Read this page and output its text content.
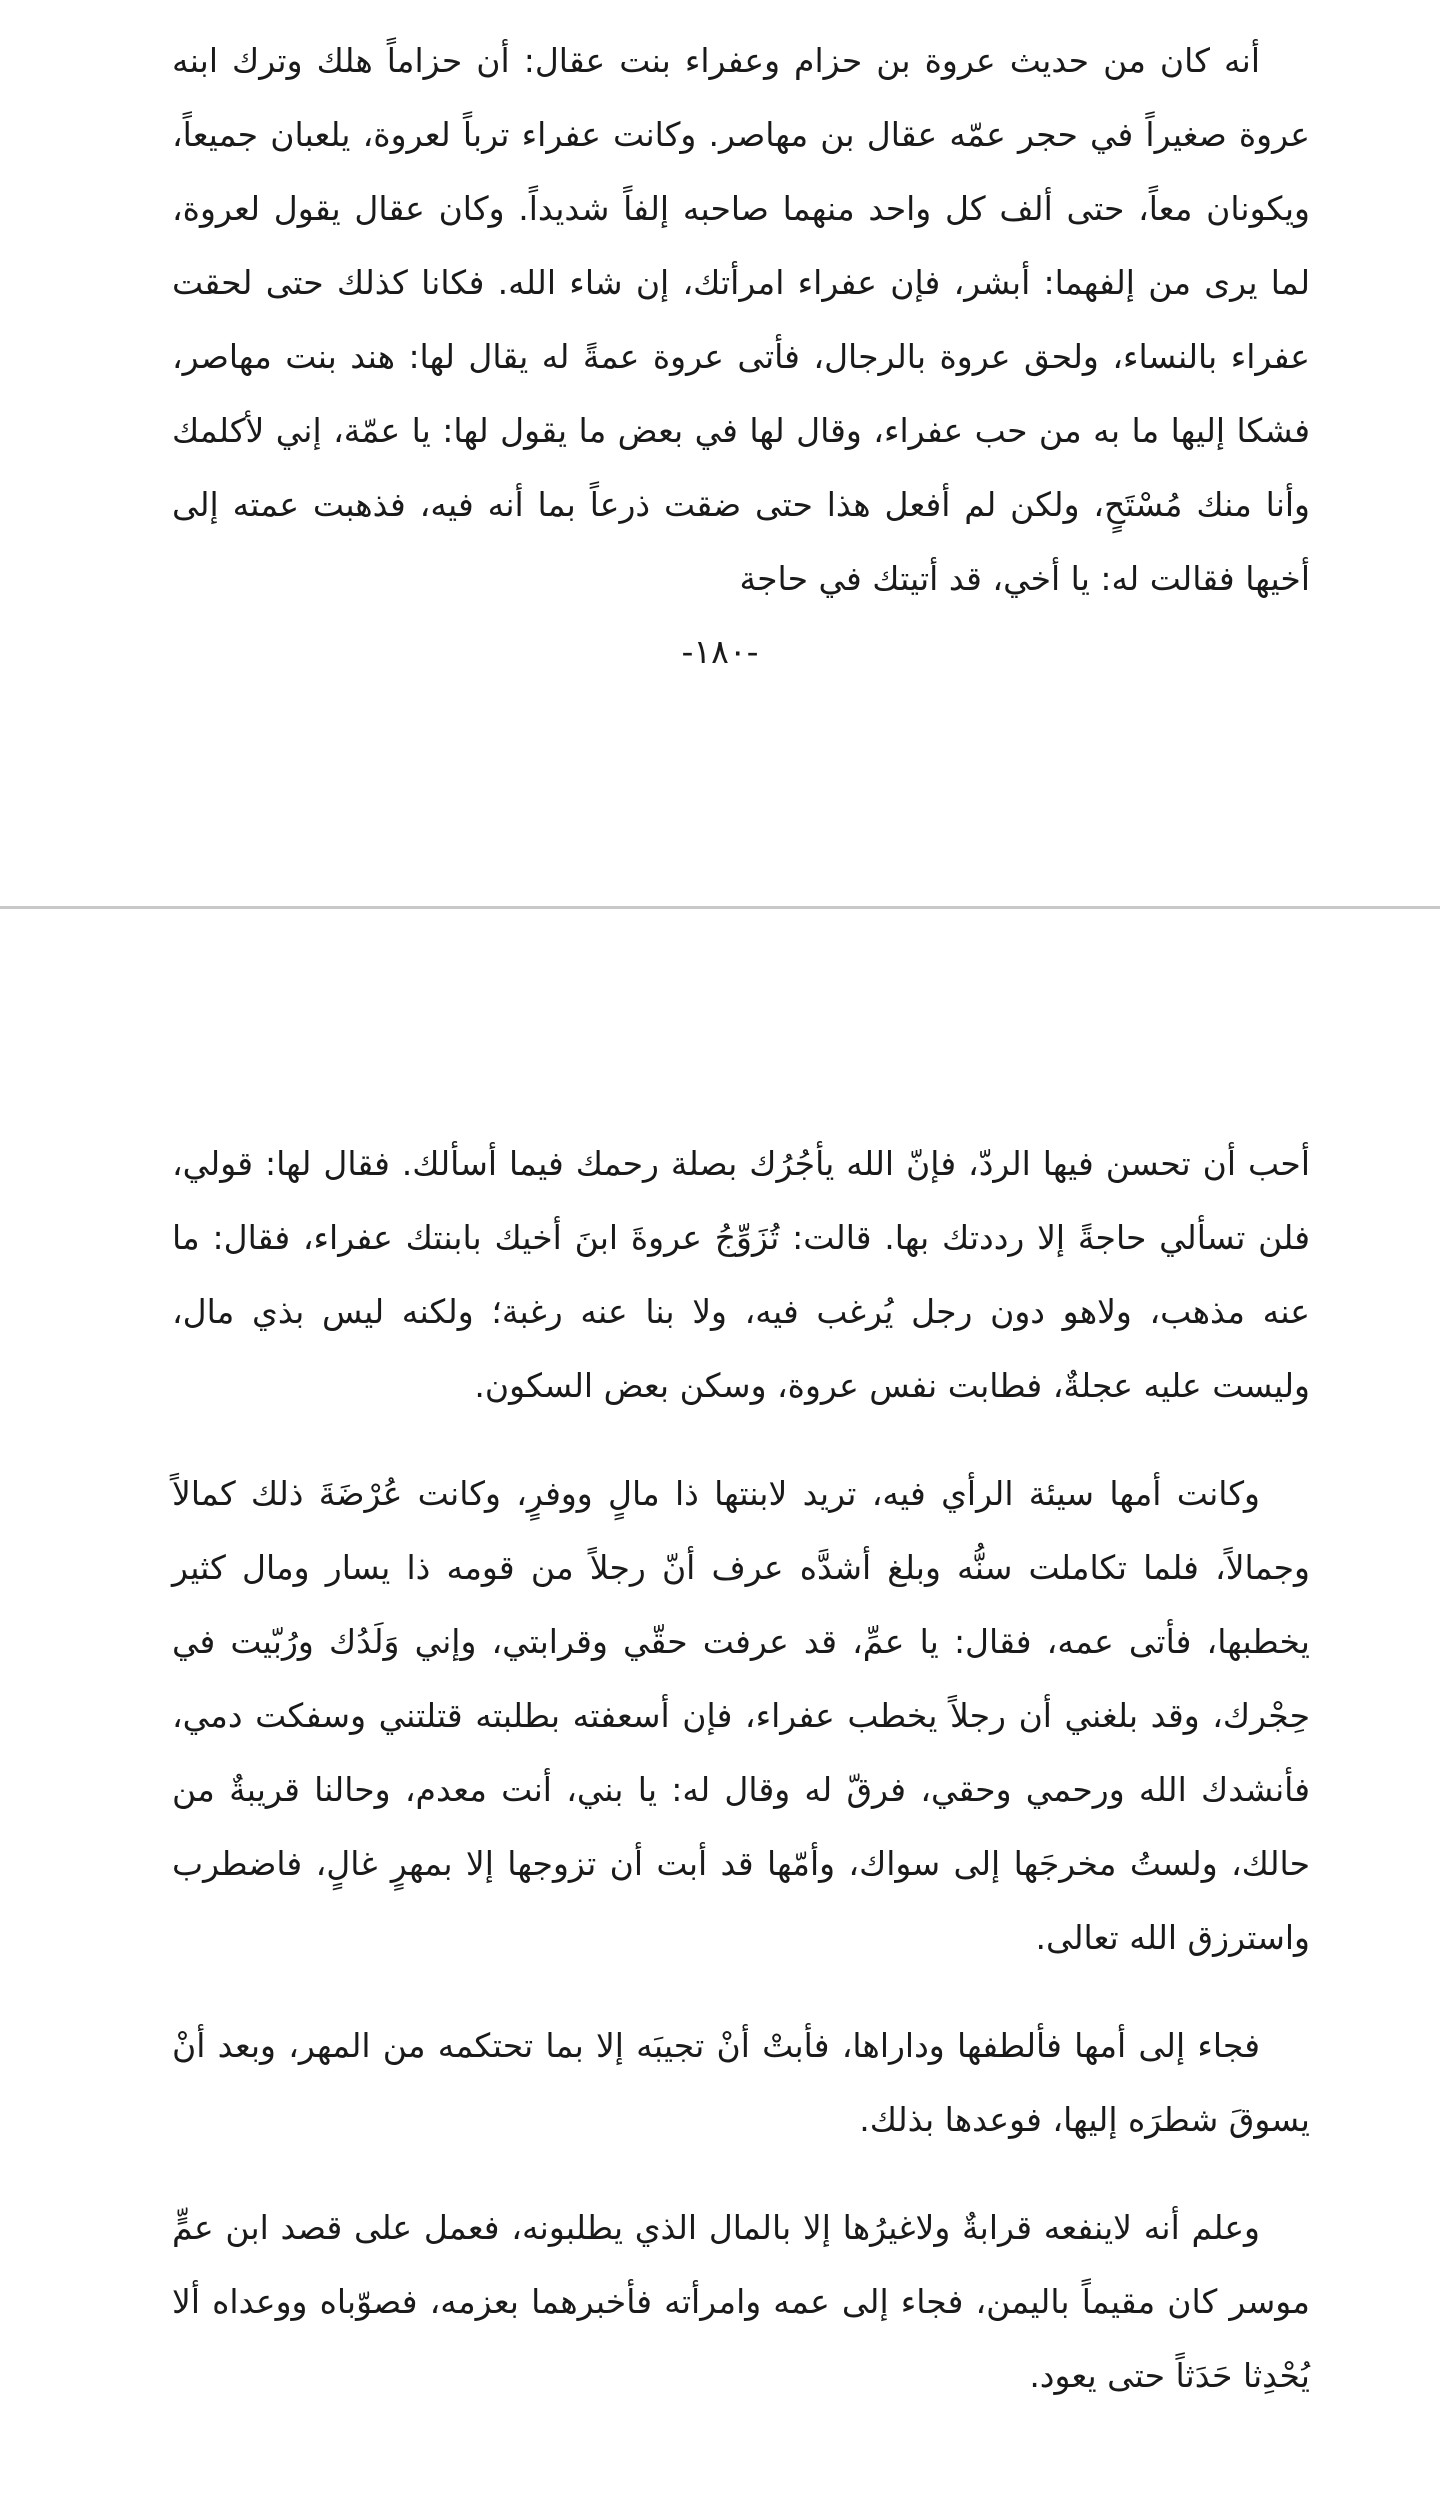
أنه كان من حديث عروة بن حزام وعفراء بنت عقال: أن حزاماً هلك وترك ابنه عروة صغيراً في حجر عمّه عقال بن مهاصر. وكانت عفراء ترباً لعروة، يلعبان جميعاً، ويكونان معاً، حتى ألف كل واحد منهما صاحبه إلفاً شديداً. وكان عقال يقول لعروة، لما يرى من إلفهما: أبشر، فإن عفراء امرأتك، إن شاء الله. فكانا كذلك حتى لحقت عفراء بالنساء، ولحق عروة بالرجال، فأتى عروة عمةً له يقال لها: هند بنت مهاصر، فشكا إليها ما به من حب عفراء، وقال لها في بعض ما يقول لها: يا عمّة، إني لأكلمك وأنا منك مُسْتَحٍ، ولكن لم أفعل هذا حتى ضقت ذرعاً بما أنه فيه، فذهبت عمته إلى أخيها فقالت له: يا أخي، قد أتيتك في حاجة

-١٨٠-

أحب أن تحسن فيها الردّ، فإنّ الله يأجُرُك بصلة رحمك فيما أسألك. فقال لها: قولي، فلن تسألي حاجةً إلا رددتك بها. قالت: تُزَوِّجُ عروةَ ابنَ أخيك بابنتك عفراء، فقال: ما عنه مذهب، ولاهو دون رجل يُرغب فيه، ولا بنا عنه رغبة؛ ولكنه ليس بذي مال، وليست عليه عجلةٌ، فطابت نفس عروة، وسكن بعض السكون.

وكانت أمها سيئة الرأي فيه، تريد لابنتها ذا مالٍ ووفرٍ، وكانت عُرْضَةَ ذلك كمالاً وجمالاً، فلما تكاملت سنُّه وبلغ أشدَّه عرف أنّ رجلاً من قومه ذا يسار ومال كثير يخطبها، فأتى عمه، فقال: يا عمِّ، قد عرفت حقّي وقرابتي، وإني وَلَدُك ورُبّيت في حِجْرك، وقد بلغني أن رجلاً يخطب عفراء، فإن أسعفته بطلبته قتلتني وسفكت دمي، فأنشدك الله ورحمي وحقي، فرقّ له وقال له: يا بني، أنت معدم، وحالنا قريبةٌ من حالك، ولستُ مخرجَها إلى سواك، وأمّها قد أبت أن تزوجها إلا بمهرٍ غالٍ، فاضطرب واسترزق الله تعالى.

فجاء إلى أمها فألطفها وداراها، فأبتْ أنْ تجيبَه إلا بما تحتكمه من المهر، وبعد أنْ يسوقَ شطرَه إليها، فوعدها بذلك.

وعلم أنه لاينفعه قرابةٌ ولاغيرُها إلا بالمال الذي يطلبونه، فعمل على قصد ابن عمٍّ موسر كان مقيماً باليمن، فجاء إلى عمه وامرأته فأخبرهما بعزمه، فصوّباه ووعداه ألا يُحْدِثا حَدَثاً حتى يعود.
